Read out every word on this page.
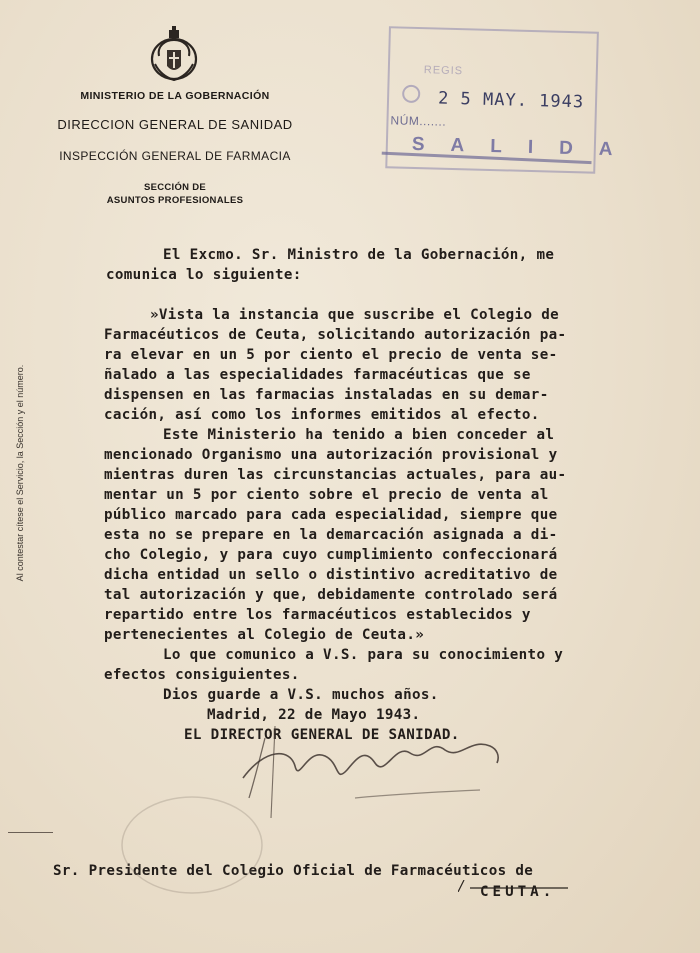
MINISTERIO DE LA GOBERNACIÓN

DIRECCION GENERAL DE SANIDAD

INSPECCIÓN GENERAL DE FARMACIA

SECCIÓN DE
ASUNTOS PROFESIONALES
REGIS
2 5 MAY. 1943
NÚM.......
SALIDA
Al contestar cítese el Servicio, la Sección y el número.
El Excmo. Sr. Ministro de la Gobernación, me
comunica lo siguiente:
»Vista la instancia que suscribe el Colegio de
Farmacéuticos de Ceuta, solicitando autorización pa-
ra elevar en un 5 por ciento el precio de venta se-
ñalado a las especialidades farmacéuticas que se
dispensen en las farmacias instaladas en su demar-
cación, así como los informes emitidos al efecto.
Este Ministerio ha tenido a bien conceder al
mencionado Organismo una autorización provisional y
mientras duren las circunstancias actuales, para au-
mentar un 5 por ciento sobre el precio de venta al
público marcado para cada especialidad, siempre que
esta no se prepare en la demarcación asignada a di-
cho Colegio, y para cuyo cumplimiento confeccionará
dicha entidad un sello o distintivo acreditativo de
tal autorización y que, debidamente controlado será
repartido entre los farmacéuticos establecidos y
pertenecientes al Colegio de Ceuta.»
Lo que comunico a V.S. para su conocimiento y
efectos consiguientes.
Dios guarde a V.S. muchos años.
Madrid, 22 de Mayo 1943.
EL DIRECTOR GENERAL DE SANIDAD.
Sr. Presidente del Colegio Oficial de Farmacéuticos de
CEUTA.
